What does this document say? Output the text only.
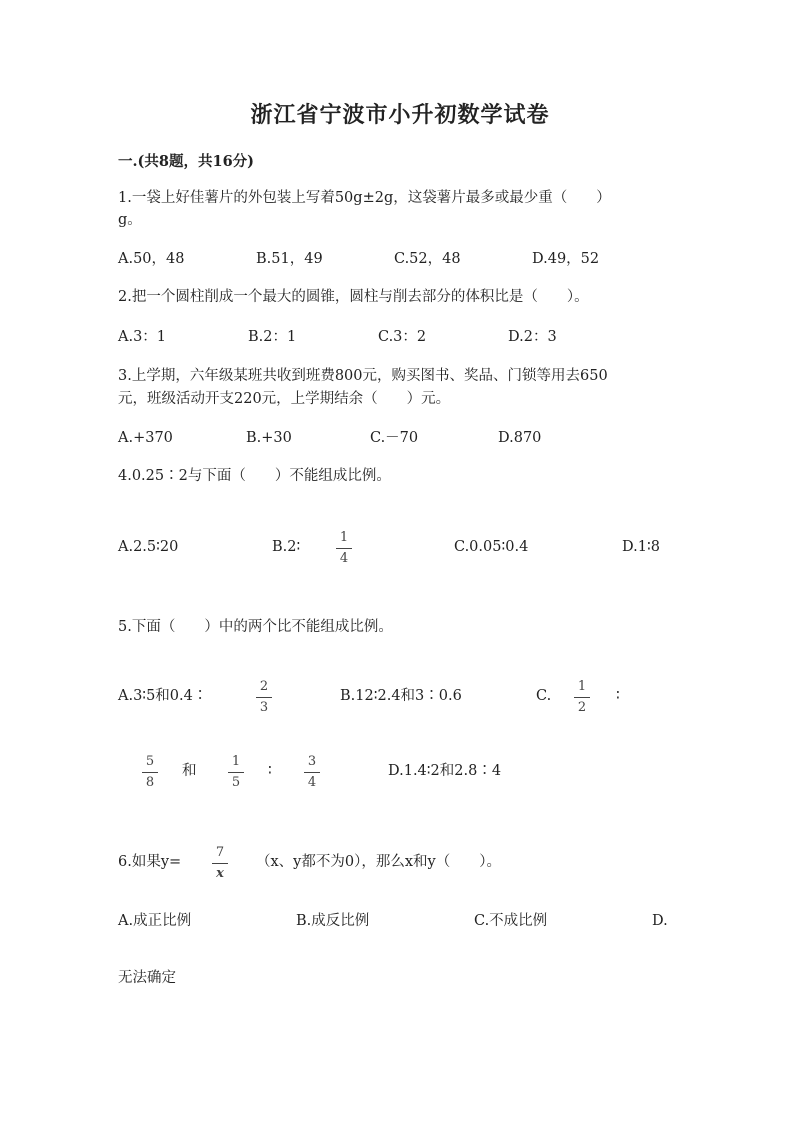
浙江省宁波市小升初数学试卷
一.(共8题，共16分)
1.一袋上好佳薯片的外包装上写着50g±2g，这袋薯片最多或最少重（　　）
g。
A.50，48	B.51，49	C.52，48	D.49，52
2.把一个圆柱削成一个最大的圆锥，圆柱与削去部分的体积比是（　　）。
A.3：1	B.2：1	C.3：2	D.2：3
3.上学期，六年级某班共收到班费800元，购买图书、奖品、门锁等用去650
元，班级活动开支220元，上学期结余（　　）元。
A.+370	B.+30	C.－70	D.870
4.0.25∶2与下面（　　）不能组成比例。
A.2.5∶20	B.2∶
1
4
C.0.05∶0.4	D.1∶8
5.下面（　　）中的两个比不能组成比例。
A.3∶5和0.4∶
2
3
B.12∶2.4和3∶0.6	C.
1
2
∶
5
8
和
1
5
∶
3
4
D.1.4∶2和2.8∶4
6.如果y=
7
x
（x、y都不为0），那么x和y（　　）。
A.成正比例	B.成反比例	C.不成比例	D.
无法确定
